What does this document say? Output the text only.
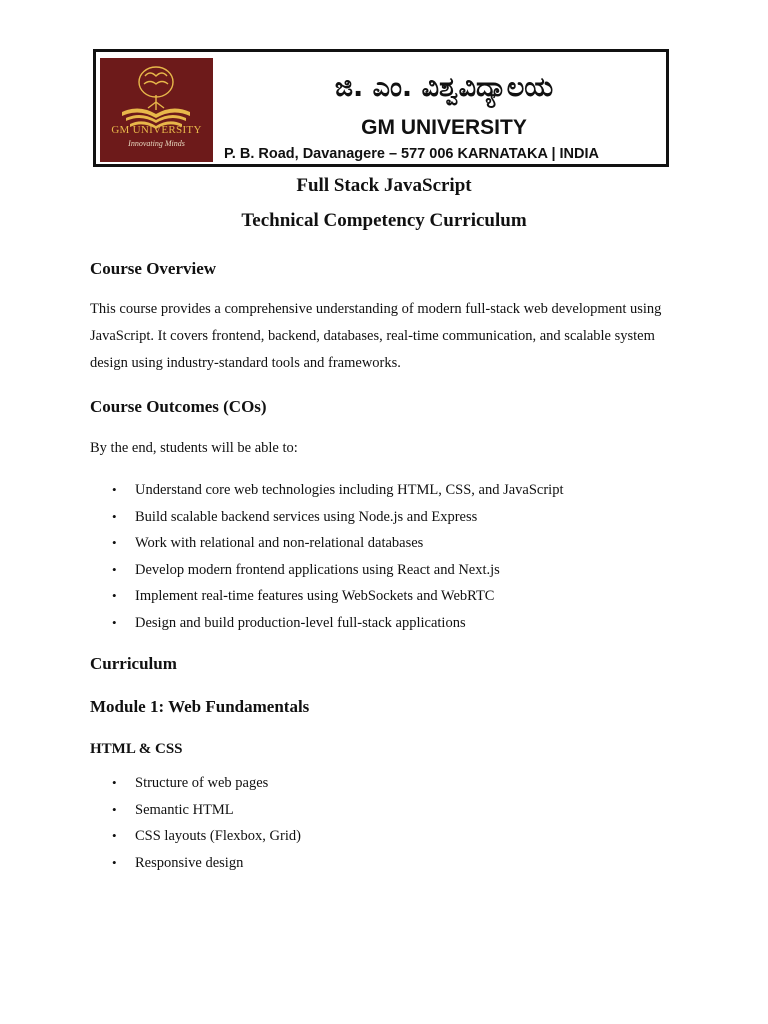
GM UNIVERSITY
Innovating Minds
ಜಿ. ಎಂ. ವಿಶ್ವವಿದ್ಯಾಲಯ
GM UNIVERSITY
P. B. Road, Davanagere – 577 006 KARNATAKA | INDIA
Full Stack JavaScript
Technical Competency Curriculum
Course Overview
This course provides a comprehensive understanding of modern full-stack web development using JavaScript. It covers frontend, backend, databases, real-time communication, and scalable system design using industry-standard tools and frameworks.
Course Outcomes (COs)
By the end, students will be able to:
• Understand core web technologies including HTML, CSS, and JavaScript
• Build scalable backend services using Node.js and Express
• Work with relational and non-relational databases
• Develop modern frontend applications using React and Next.js
• Implement real-time features using WebSockets and WebRTC
• Design and build production-level full-stack applications
Curriculum
Module 1: Web Fundamentals
HTML & CSS
• Structure of web pages
• Semantic HTML
• CSS layouts (Flexbox, Grid)
• Responsive design
